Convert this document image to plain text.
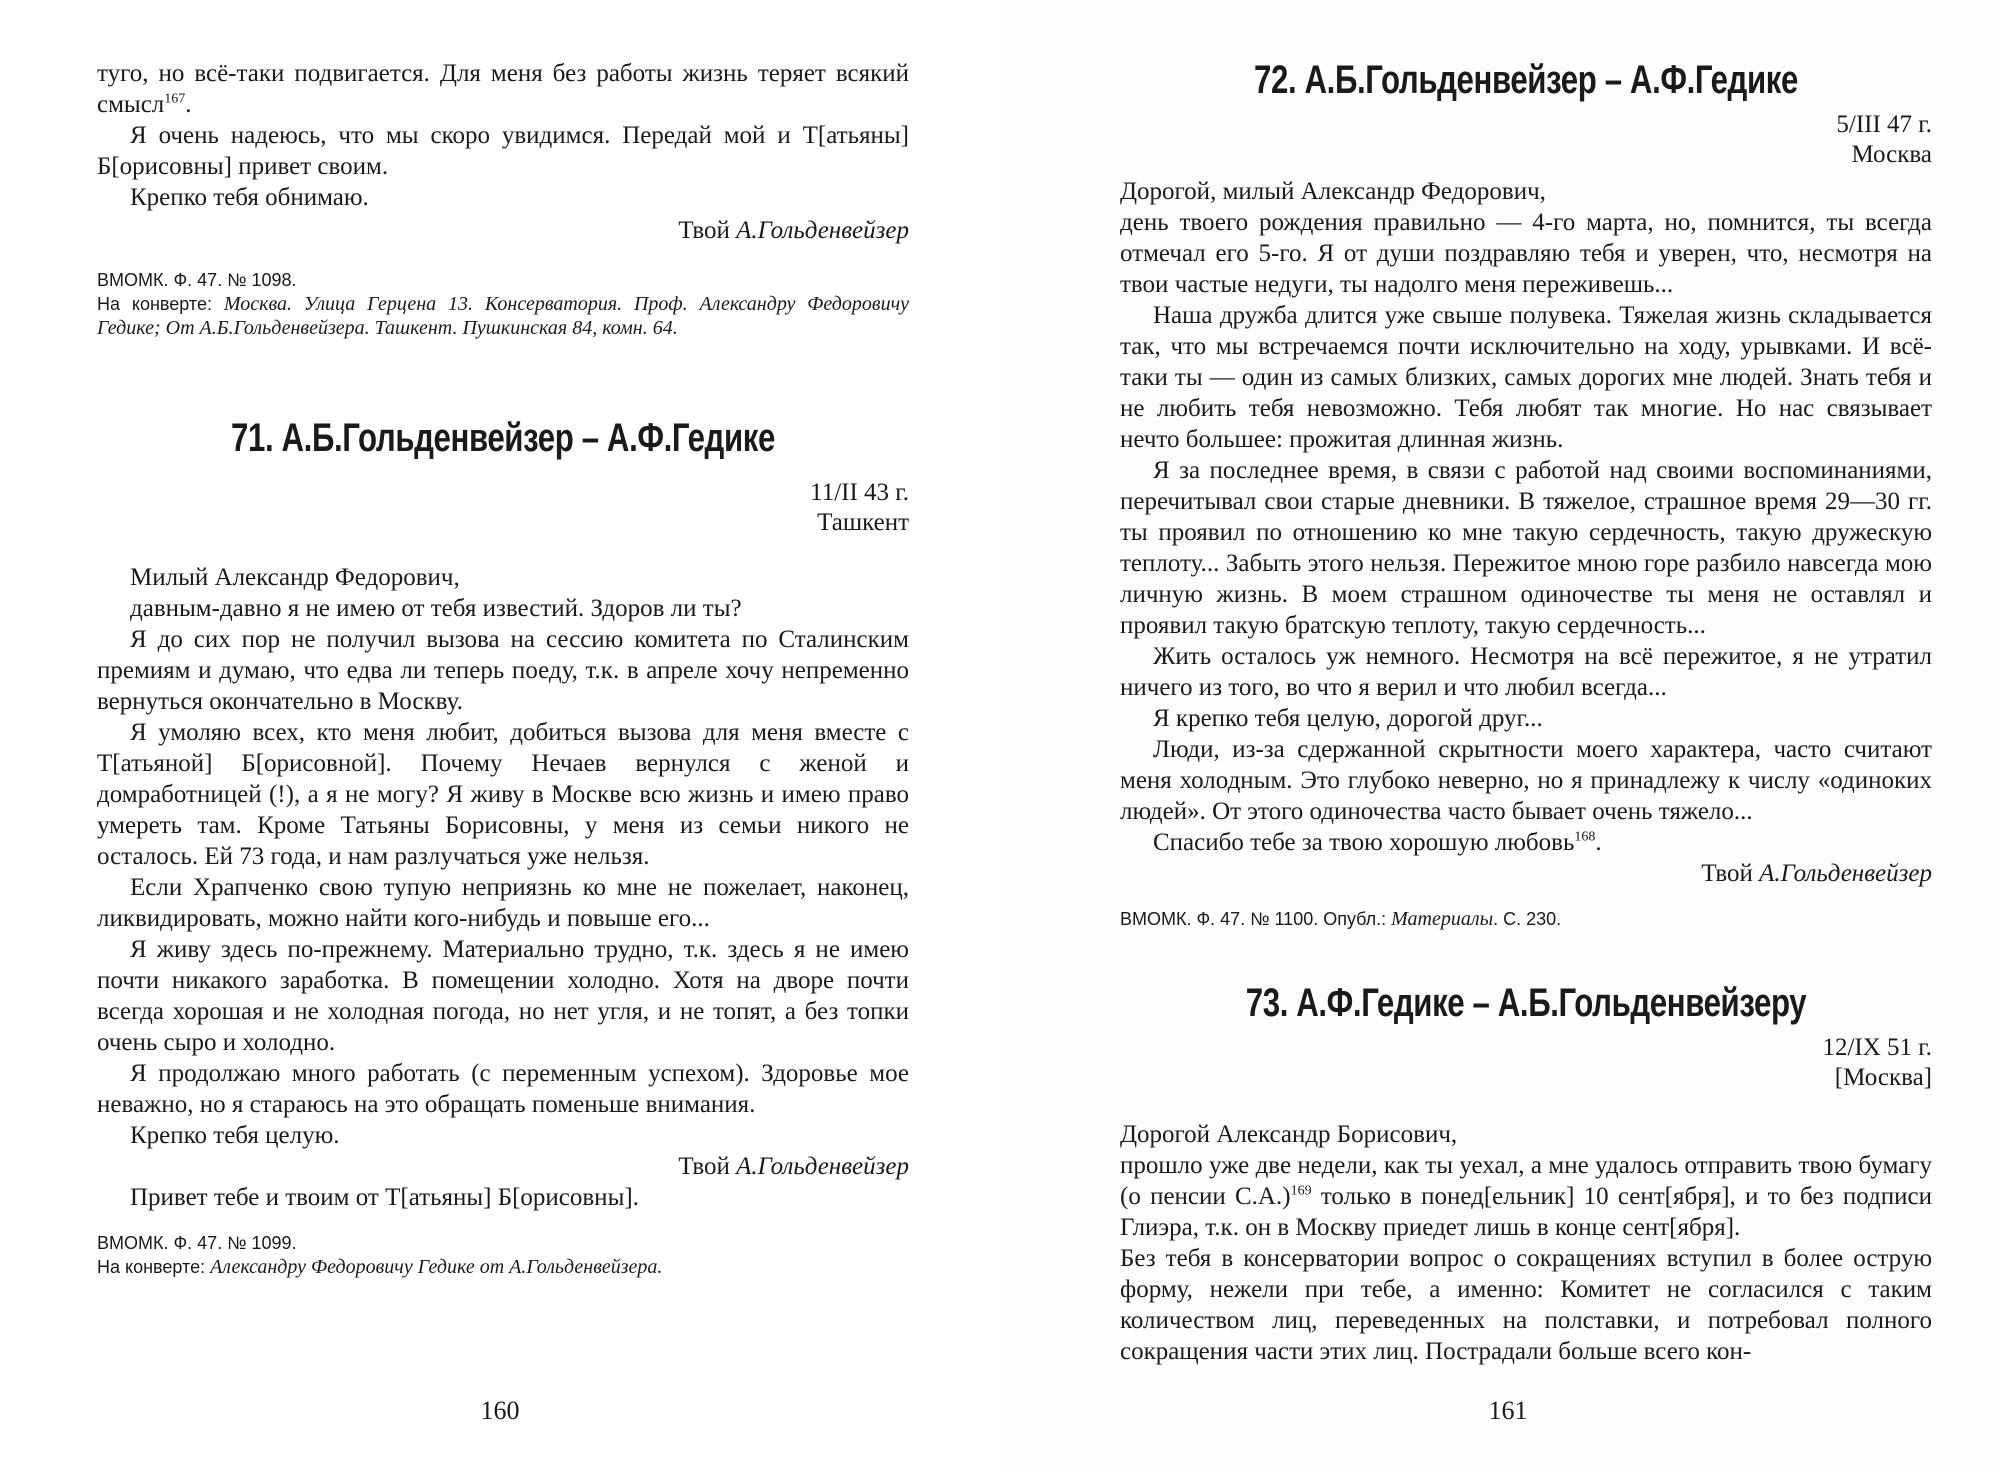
туго, но всё-таки подвигается. Для меня без работы жизнь теряет всякий смысл$^{167}$.

Я очень надеюсь, что мы скоро увидимся. Передай мой и Т[атьяны] Б[орисовны] привет своим.

Крепко тебя обнимаю.

Твой А.Гольденвейзер

ВМОМК. Ф. 47. № 1098.

На конверте: Москва. Улица Герцена 13. Консерватория. Проф. Александру Федоровичу Гедике; От А.Б.Гольденвейзера. Ташкент. Пушкинская 84, комн. 64.

71. А.Б.Гольденвейзер – А.Ф.Гедике

11/II 43 г.

Ташкент

Милый Александр Федорович,

давным-давно я не имею от тебя известий. Здоров ли ты?

Я до сих пор не получил вызова на сессию комитета по Сталинским премиям и думаю, что едва ли теперь поеду, т.к. в апреле хочу непременно вернуться окончательно в Москву.

Я умоляю всех, кто меня любит, добиться вызова для меня вместе с Т[атьяной] Б[орисовной]. Почему Нечаев вернулся с женой и домработницей (!), а я не могу? Я живу в Москве всю жизнь и имею право умереть там. Кроме Татьяны Борисовны, у меня из семьи никого не осталось. Ей 73 года, и нам разлучаться уже нельзя.

Если Храпченко свою тупую неприязнь ко мне не пожелает, наконец, ликвидировать, можно найти кого-нибудь и повыше его...

Я живу здесь по-прежнему. Материально трудно, т.к. здесь я не имею почти никакого заработка. В помещении холодно. Хотя на дворе почти всегда хорошая и не холодная погода, но нет угля, и не топят, а без топки очень сыро и холодно.

Я продолжаю много работать (с переменным успехом). Здоровье мое неважно, но я стараюсь на это обращать поменьше внимания.

Крепко тебя целую.

Твой А.Гольденвейзер

Привет тебе и твоим от Т[атьяны] Б[орисовны].

ВМОМК. Ф. 47. № 1099.

На конверте: Александру Федоровичу Гедике от А.Гольденвейзера.

160
72. А.Б.Гольденвейзер – А.Ф.Гедике

5/III 47 г.

Москва

Дорогой, милый Александр Федорович,

день твоего рождения правильно — 4-го марта, но, помнится, ты всегда отмечал его 5-го. Я от души поздравляю тебя и уверен, что, несмотря на твои частые недуги, ты надолго меня переживешь...

Наша дружба длится уже свыше полувека. Тяжелая жизнь складывается так, что мы встречаемся почти исключительно на ходу, урывками. И всё-таки ты — один из самых близких, самых дорогих мне людей. Знать тебя и не любить тебя невозможно. Тебя любят так многие. Но нас связывает нечто большее: прожитая длинная жизнь.

Я за последнее время, в связи с работой над своими воспоминаниями, перечитывал свои старые дневники. В тяжелое, страшное время 29—30 гг. ты проявил по отношению ко мне такую сердечность, такую дружескую теплоту... Забыть этого нельзя. Пережитое мною горе разбило навсегда мою личную жизнь. В моем страшном одиночестве ты меня не оставлял и проявил такую братскую теплоту, такую сердечность...

Жить осталось уж немного. Несмотря на всё пережитое, я не утратил ничего из того, во что я верил и что любил всегда...

Я крепко тебя целую, дорогой друг...

Люди, из-за сдержанной скрытности моего характера, часто считают меня холодным. Это глубоко неверно, но я принадлежу к числу «одиноких людей». От этого одиночества часто бывает очень тяжело...

Спасибо тебе за твою хорошую любовь$^{168}$.

Твой А.Гольденвейзер

ВМОМК. Ф. 47. № 1100. Опубл.: Материалы. С. 230.

73. А.Ф.Гедике – А.Б.Гольденвейзеру

12/IX 51 г.

[Москва]

Дорогой Александр Борисович,

прошло уже две недели, как ты уехал, а мне удалось отправить твою бумагу (о пенсии С.А.)$^{169}$ только в понед[ельник] 10 сент[ября], и то без подписи Глиэра, т.к. он в Москву приедет лишь в конце сент[ября].

Без тебя в консерватории вопрос о сокращениях вступил в более острую форму, нежели при тебе, а именно: Комитет не согласился с таким количеством лиц, переведенных на полставки, и потребовал полного сокращения части этих лиц. Пострадали больше всего кон-

161
